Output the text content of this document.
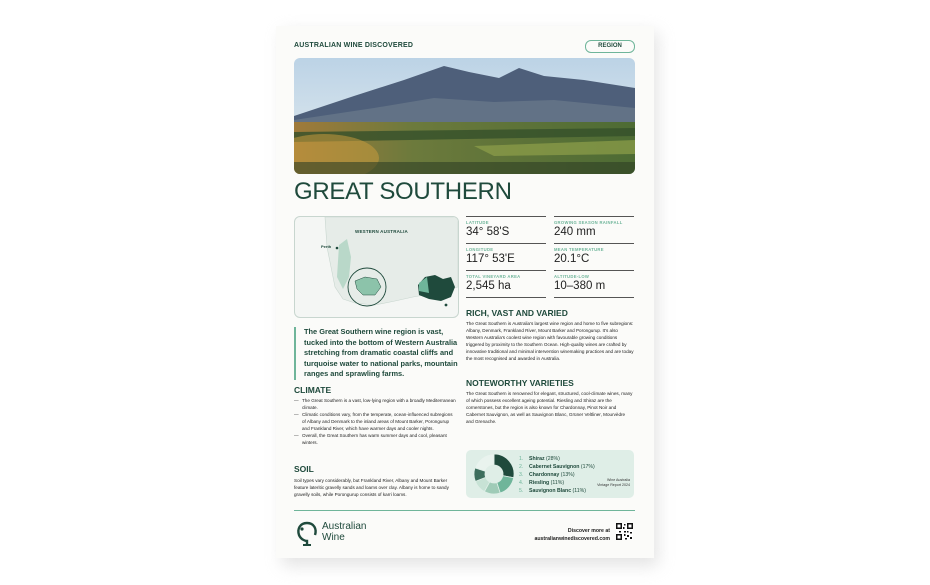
AUSTRALIAN WINE DISCOVERED	REGION
GREAT SOUTHERN
WESTERN AUSTRALIA
Perth
LATITUDE
34° 58'S
GROWING SEASON RAINFALL
240 mm
LONGITUDE
117° 53'E
MEAN TEMPERATURE
20.1°C
TOTAL VINEYARD AREA
2,545 ha
ALTITUDE-LOW
10–380 m
The Great Southern wine region is vast, tucked into the bottom of Western Australia stretching from dramatic coastal cliffs and turquoise water to national parks, mountain ranges and sprawling farms.
CLIMATE
— The Great Southern is a vast, low-lying region with a broadly Mediterranean climate.
— Climatic conditions vary, from the temperate, ocean-influenced subregions of Albany and Denmark to the inland areas of Mount Barker, Porongurup and Frankland River, which have warmer days and cooler nights.
— Overall, the Great Southern has warm summer days and cool, pleasant winters.
SOIL
Soil types vary considerably, but Frankland River, Albany and Mount Barker feature lateritic gravelly sands and loams over clay. Albany is home to sandy gravelly soils, while Porongurup consists of karri loams.
RICH, VAST AND VARIED
The Great Southern is Australia's largest wine region and home to five subregions: Albany, Denmark, Frankland River, Mount Barker and Porongurup. It's also Western Australia's coolest wine region with favourable growing conditions triggered by proximity to the Southern Ocean. High-quality wines are crafted by innovative traditional and minimal intervention winemaking practices and are today the most recognised and awarded in Australia.
NOTEWORTHY VARIETIES
The Great Southern is renowned for elegant, structured, cool-climate wines, many of which possess excellent ageing potential. Riesling and Shiraz are the cornerstones, but the region is also known for Chardonnay, Pinot Noir and Cabernet Sauvignon, as well as Sauvignon Blanc, Grüner Veltliner, Mourvèdre and Grenache.
1. Shiraz (28%)
2. Cabernet Sauvignon (17%)
3. Chardonnay (13%)
4. Riesling (11%)
5. Sauvignon Blanc (11%)
Wine Australia Vintage Report 2024
Australian
Wine
Discover more at
australianwinediscovered.com
